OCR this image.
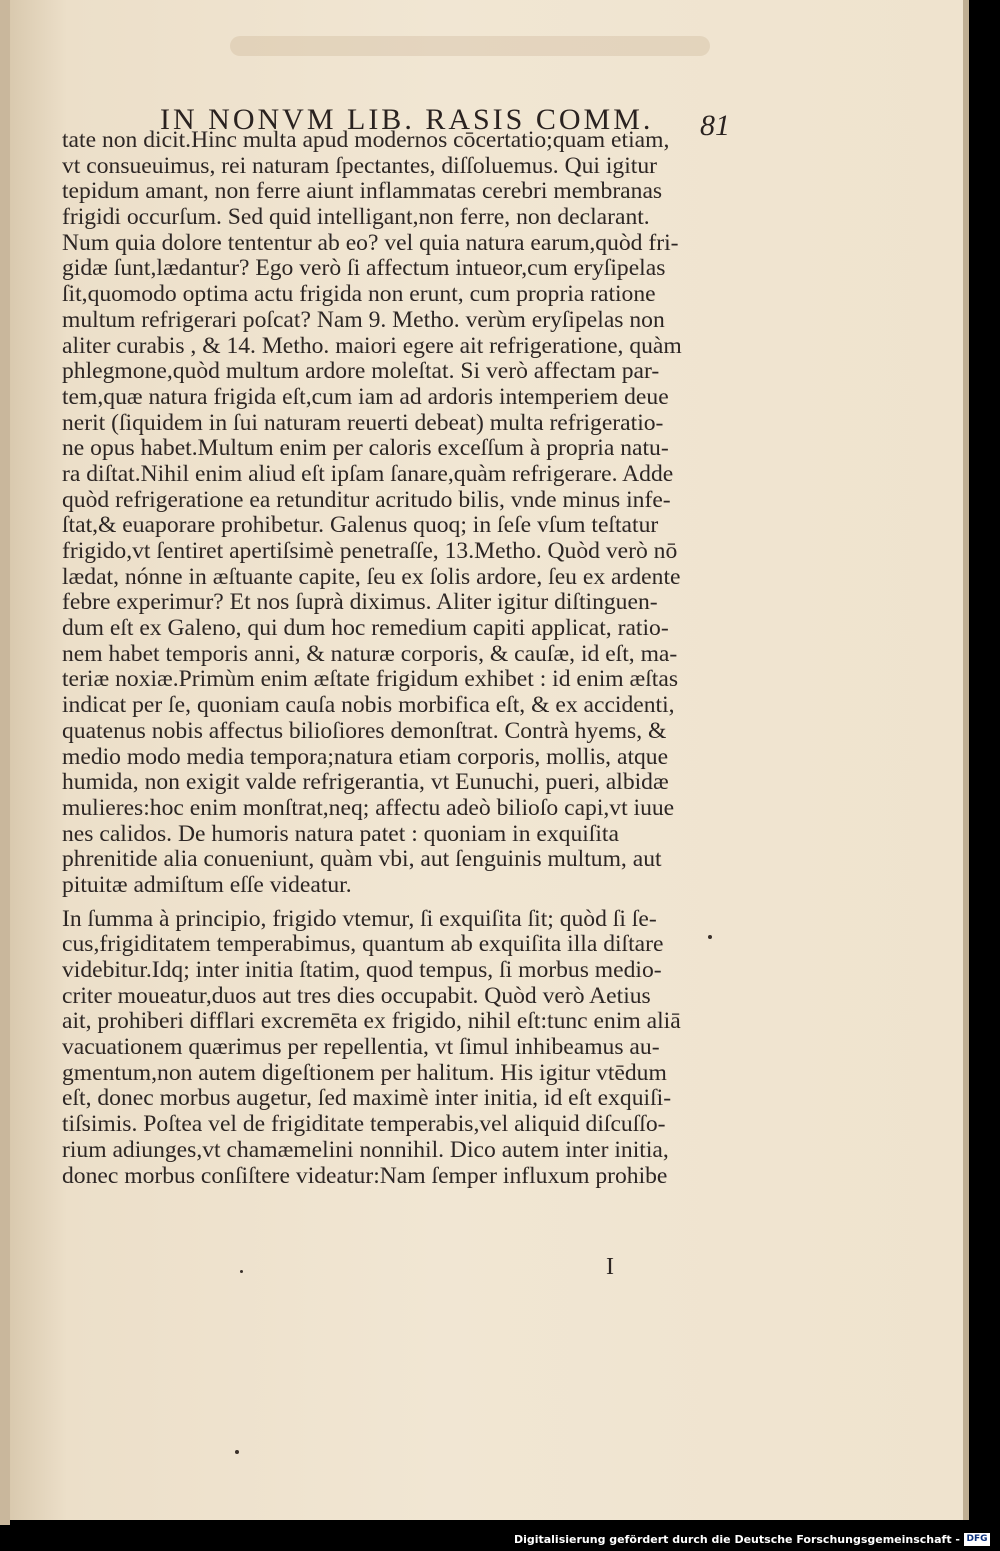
IN NONVM LIB. RASIS COMM. 81
tate non dicit.Hinc multa apud modernos cōcertatio;quam etiam,
vt consueuimus, rei naturam ſpectantes, diſſoluemus. Qui igitur
tepidum amant, non ferre aiunt inflammatas cerebri membranas
frigidi occurſum. Sed quid intelligant,non ferre, non declarant.
Num quia dolore tententur ab eo? vel quia natura earum,quòd fri-
gidæ ſunt,lædantur? Ego verò ſi affectum intueor,cum eryſipelas
ſit,quomodo optima actu frigida non erunt, cum propria ratione
multum refrigerari poſcat? Nam 9. Metho. verùm eryſipelas non
aliter curabis , & 14. Metho. maiori egere ait refrigeratione, quàm
phlegmone,quòd multum ardore moleſtat. Si verò affectam par-
tem,quæ natura frigida eſt,cum iam ad ardoris intemperiem deue
nerit (ſiquidem in ſui naturam reuerti debeat) multa refrigeratio-
ne opus habet.Multum enim per caloris exceſſum à propria natu-
ra diſtat.Nihil enim aliud eſt ipſam ſanare,quàm refrigerare. Adde
quòd refrigeratione ea retunditur acritudo bilis, vnde minus infe-
ſtat,& euaporare prohibetur. Galenus quoq; in ſeſe vſum teſtatur
frigido,vt ſentiret apertiſsimè penetraſſe, 13.Metho. Quòd verò nō
lædat, nónne in æſtuante capite, ſeu ex ſolis ardore, ſeu ex ardente
febre experimur? Et nos ſuprà diximus. Aliter igitur diſtinguen-
dum eſt ex Galeno, qui dum hoc remedium capiti applicat, ratio-
nem habet temporis anni, & naturæ corporis, & cauſæ, id eſt, ma-
teriæ noxiæ.Primùm enim æſtate frigidum exhibet : id enim æſtas
indicat per ſe, quoniam cauſa nobis morbifica eſt, & ex accidenti,
quatenus nobis affectus bilioſiores demonſtrat. Contrà hyems, &
medio modo media tempora;natura etiam corporis, mollis, atque
humida, non exigit valde refrigerantia, vt Eunuchi, pueri, albidæ
mulieres:hoc enim monſtrat,neq; affectu adeò bilioſo capi,vt iuue
nes calidos. De humoris natura patet : quoniam in exquiſita
phrenitide alia conueniunt, quàm vbi, aut ſenguinis multum, aut
pituitæ admiſtum eſſe videatur.
In ſumma à principio, frigido vtemur, ſi exquiſita ſit; quòd ſi ſe-
cus,frigiditatem temperabimus, quantum ab exquiſita illa diſtare
videbitur.Idq; inter initia ſtatim, quod tempus, ſi morbus medio-
criter moueatur,duos aut tres dies occupabit. Quòd verò Aetius
ait, prohiberi difflari excremēta ex frigido, nihil eſt:tunc enim aliā
vacuationem quærimus per repellentia, vt ſimul inhibeamus au-
gmentum,non autem digeſtionem per halitum. His igitur vtēdum
eſt, donec morbus augetur, ſed maximè inter initia, id eſt exquiſi-
tiſsimis. Poſtea vel de frigiditate temperabis,vel aliquid diſcuſſo-
rium adiunges,vt chamæmelini nonnihil. Dico autem inter initia,
donec morbus conſiſtere videatur:Nam ſemper influxum prohibe
I
Digitalisierung gefördert durch die Deutsche Forschungsgemeinschaft - DFG
